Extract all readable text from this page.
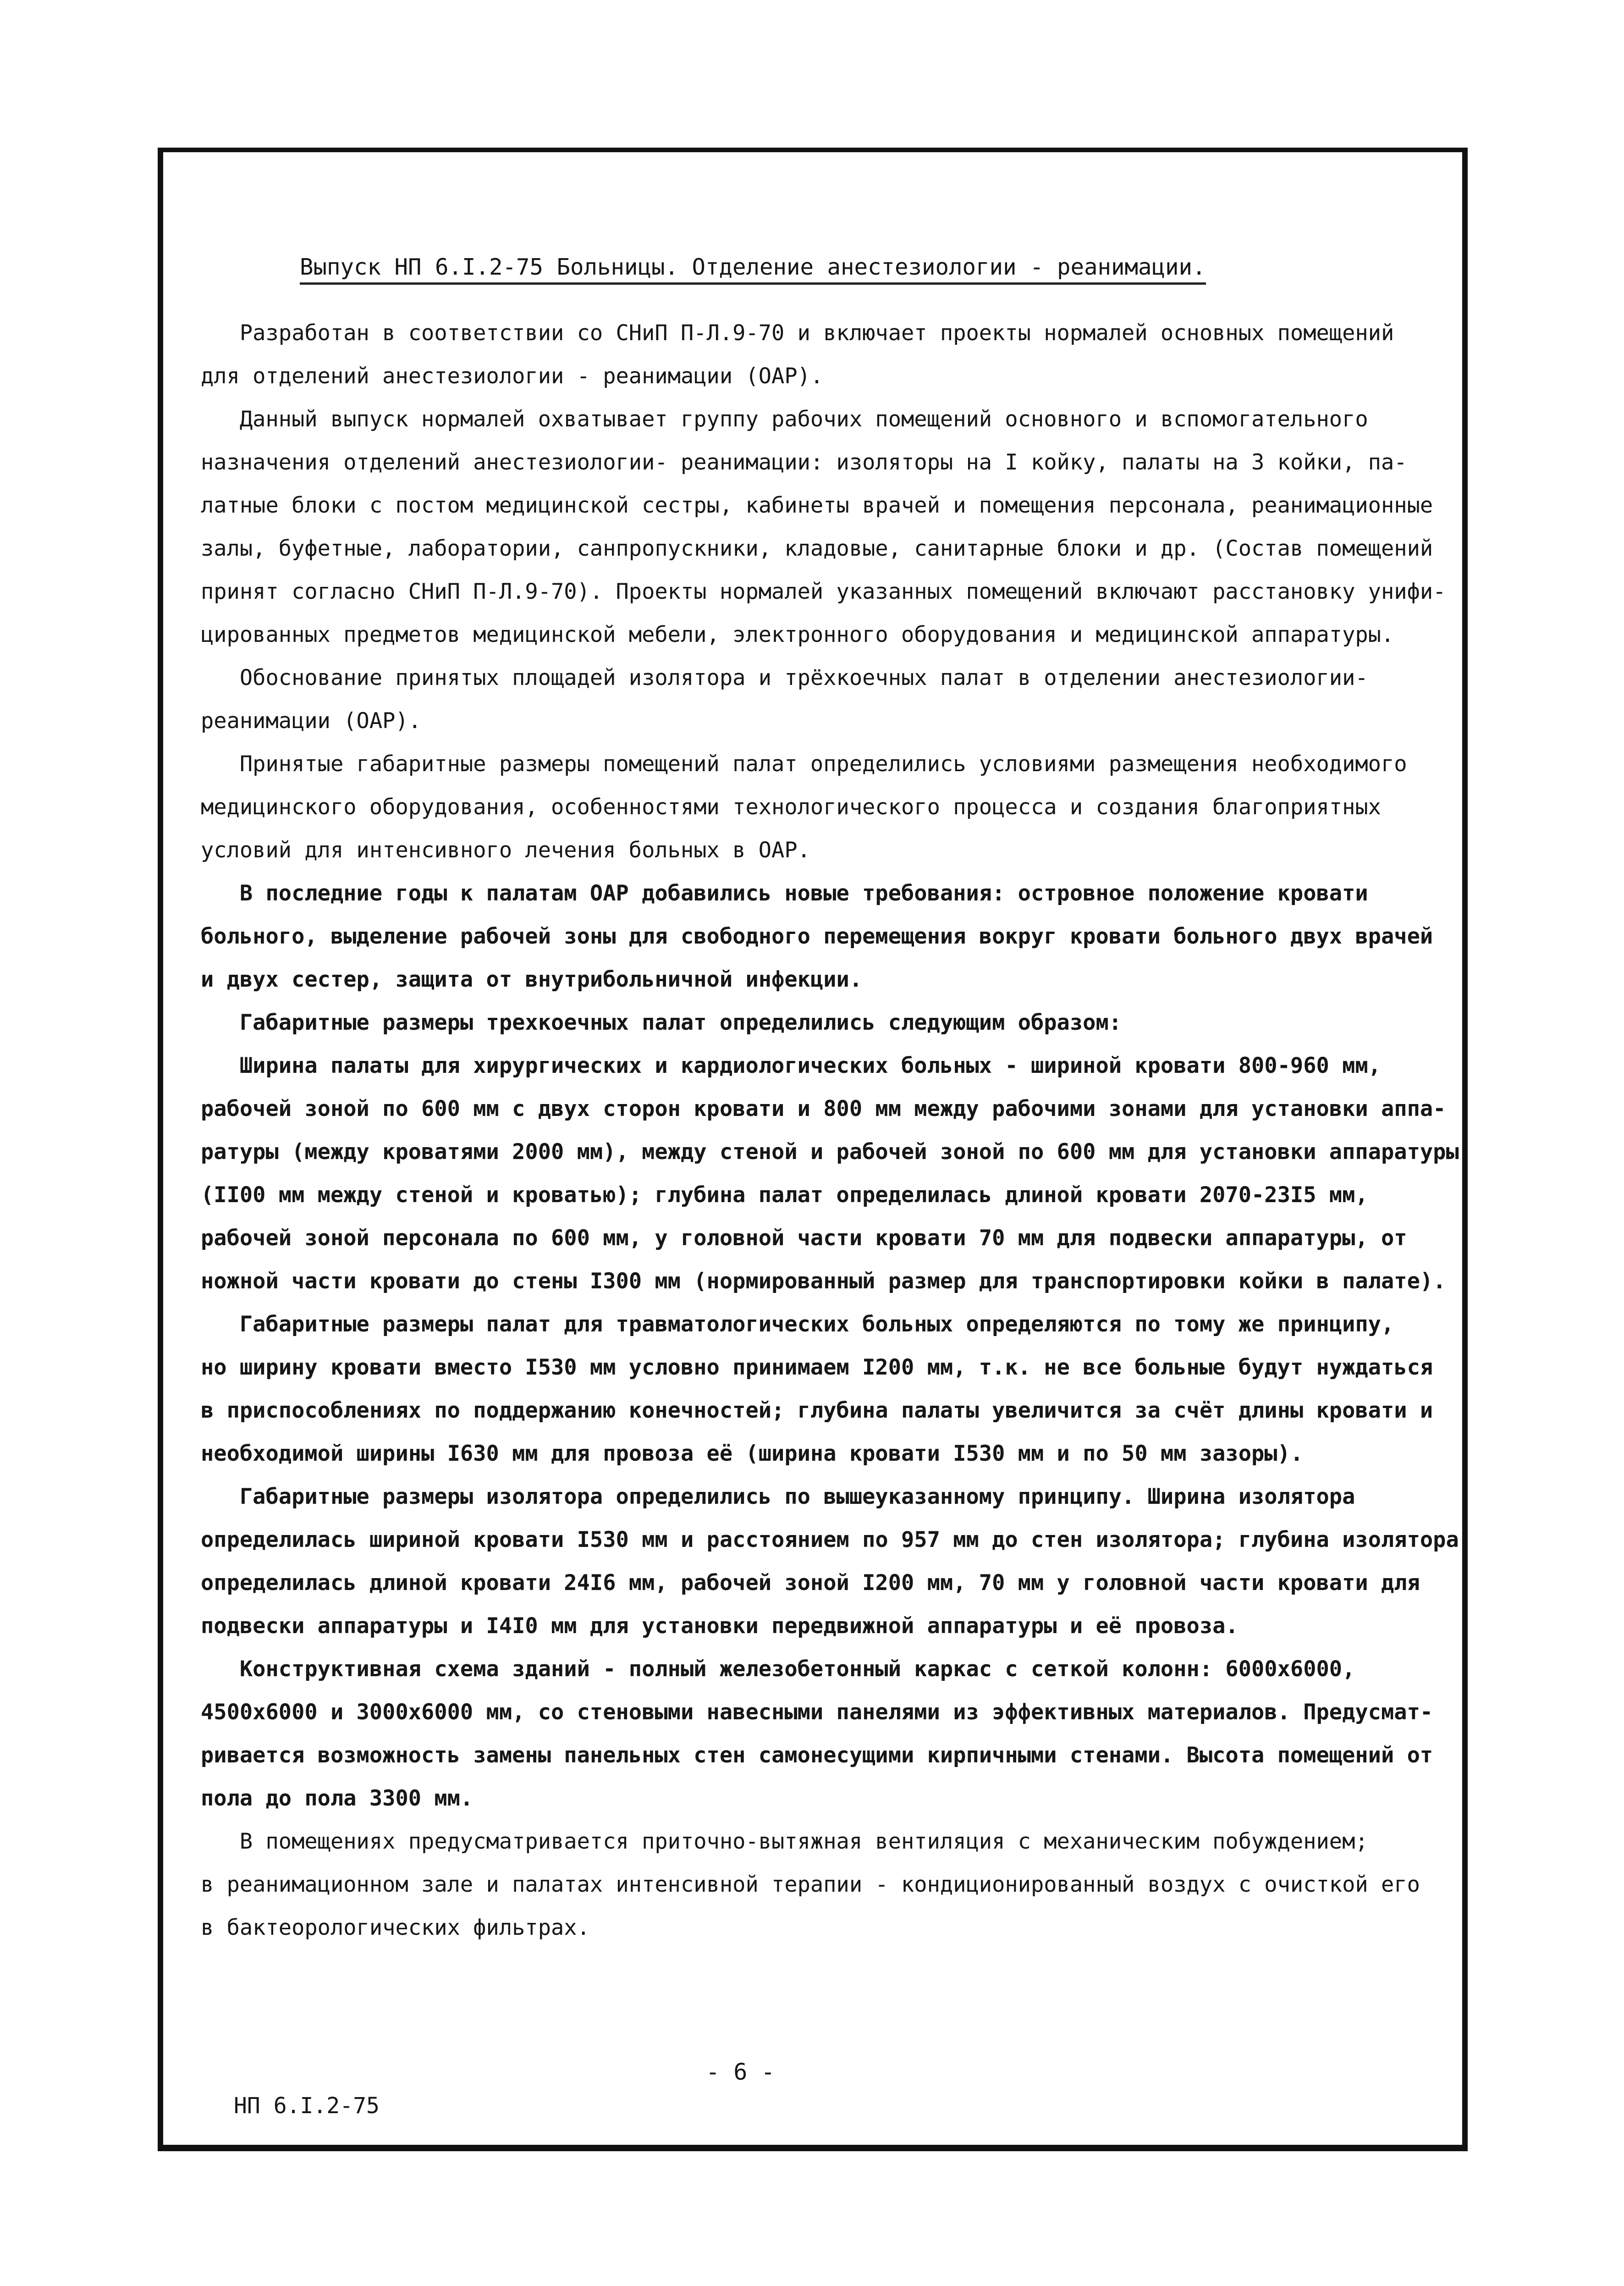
Выпуск НП 6.I.2-75 Больницы. Отделение анестезиологии - реанимации.
Разработан в соответствии со СНиП П-Л.9-70 и включает проекты нормалей основных помещений
для отделений анестезиологии - реанимации (ОАР).
Данный выпуск нормалей охватывает группу рабочих помещений основного и вспомогательного
назначения отделений анестезиологии- реанимации: изоляторы на I койку, палаты на 3 койки, па-
латные блоки с постом медицинской сестры, кабинеты врачей и помещения персонала, реанимационные
залы, буфетные, лаборатории, санпропускники, кладовые, санитарные блоки и др. (Состав помещений
принят согласно СНиП П-Л.9-70). Проекты нормалей указанных помещений включают расстановку унифи-
цированных предметов медицинской мебели, электронного оборудования и медицинской аппаратуры.
Обоснование принятых площадей изолятора и трёхкоечных палат в отделении анестезиологии-
реанимации (ОАР).
Принятые габаритные размеры помещений палат определились условиями размещения необходимого
медицинского оборудования, особенностями технологического процесса и создания благоприятных
условий для интенсивного лечения больных в ОАР.
В последние годы к палатам ОАР добавились новые требования: островное положение кровати
больного, выделение рабочей зоны для свободного перемещения вокруг кровати больного двух врачей
и двух сестер, защита от внутрибольничной инфекции.
Габаритные размеры трехкоечных палат определились следующим образом:
Ширина палаты для хирургических и кардиологических больных - шириной кровати 800-960 мм,
рабочей зоной по 600 мм с двух сторон кровати и 800 мм между рабочими зонами для установки аппа-
ратуры (между кроватями 2000 мм), между стеной и рабочей зоной по 600 мм для установки аппаратуры
(II00 мм между стеной и кроватью); глубина палат определилась длиной кровати 2070-23I5 мм,
рабочей зоной персонала по 600 мм, у головной части кровати 70 мм для подвески аппаратуры, от
ножной части кровати до стены I300 мм (нормированный размер для транспортировки койки в палате).
Габаритные размеры палат для травматологических больных определяются по тому же принципу,
но ширину кровати вместо I530 мм условно принимаем I200 мм, т.к. не все больные будут нуждаться
в приспособлениях по поддержанию конечностей; глубина палаты увеличится за счёт длины кровати и
необходимой ширины I630 мм для провоза её (ширина кровати I530 мм и по 50 мм зазоры).
Габаритные размеры изолятора определились по вышеуказанному принципу. Ширина изолятора
определилась шириной кровати I530 мм и расстоянием по 957 мм до стен изолятора; глубина изолятора
определилась длиной кровати 24I6 мм, рабочей зоной I200 мм, 70 мм у головной части кровати для
подвески аппаратуры и I4I0 мм для установки передвижной аппаратуры и её провоза.
Конструктивная схема зданий - полный железобетонный каркас с сеткой колонн: 6000x6000,
4500x6000 и 3000x6000 мм, со стеновыми навесными панелями из эффективных материалов. Предусмат-
ривается возможность замены панельных стен самонесущими кирпичными стенами. Высота помещений от
пола до пола 3300 мм.
В помещениях предусматривается приточно-вытяжная вентиляция с механическим побуждением;
в реанимационном зале и палатах интенсивной терапии - кондиционированный воздух с очисткой его
в бактеорологических фильтрах.
- 6 -
НП 6.I.2-75
